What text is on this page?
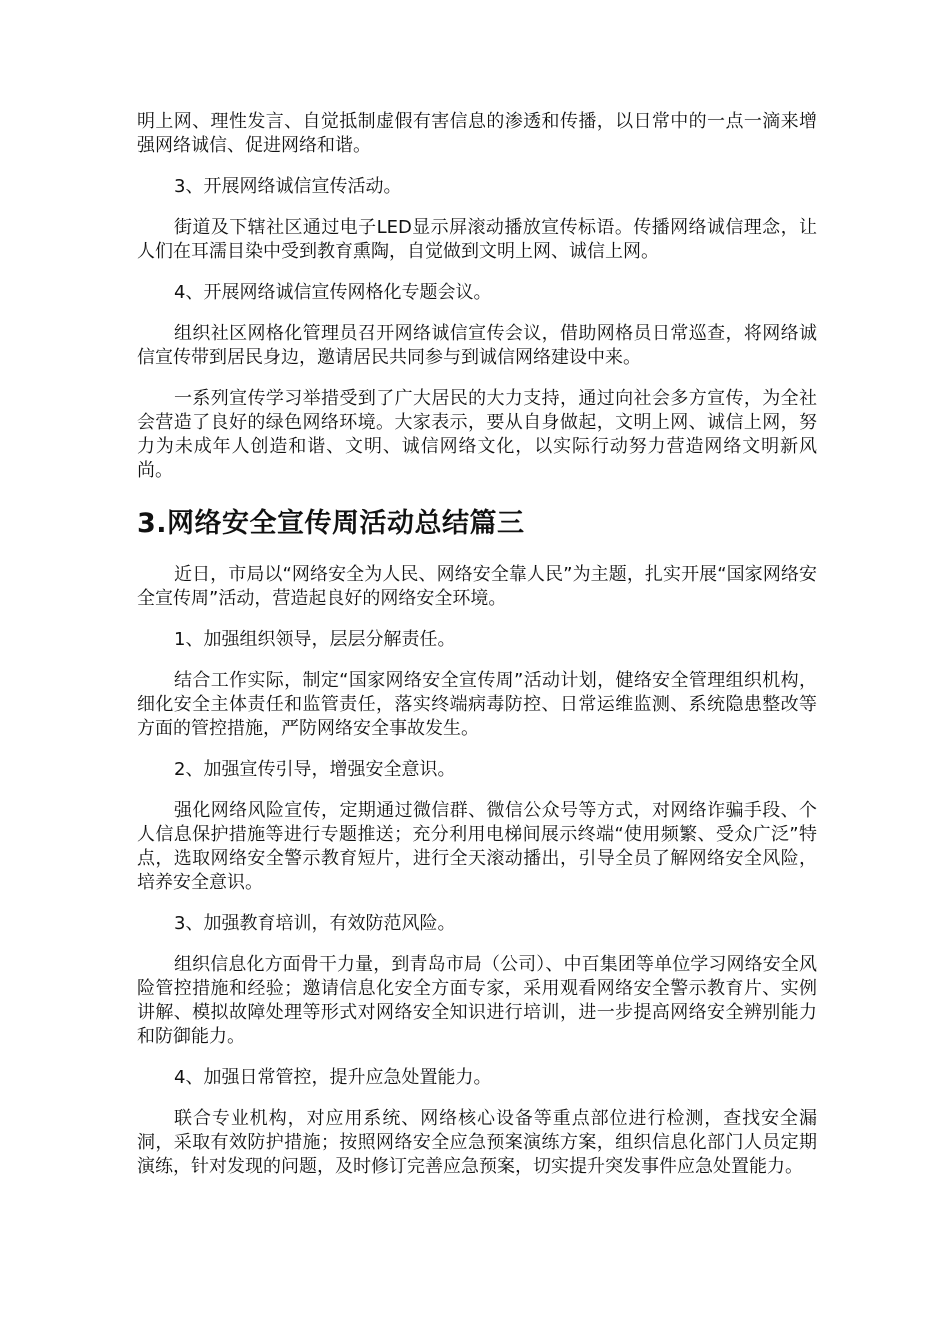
明上网、理性发言、自觉抵制虚假有害信息的渗透和传播，以日常中的一点一滴来增强网络诚信、促进网络和谐。

3、开展网络诚信宣传活动。

街道及下辖社区通过电子LED显示屏滚动播放宣传标语。传播网络诚信理念，让人们在耳濡目染中受到教育熏陶，自觉做到文明上网、诚信上网。

4、开展网络诚信宣传网格化专题会议。

组织社区网格化管理员召开网络诚信宣传会议，借助网格员日常巡查，将网络诚信宣传带到居民身边，邀请居民共同参与到诚信网络建设中来。

一系列宣传学习举措受到了广大居民的大力支持，通过向社会多方宣传，为全社会营造了良好的绿色网络环境。大家表示，要从自身做起，文明上网、诚信上网，努力为未成年人创造和谐、文明、诚信网络文化，以实际行动努力营造网络文明新风尚。

3.网络安全宣传周活动总结篇三

近日，市局以“网络安全为人民、网络安全靠人民”为主题，扎实开展“国家网络安全宣传周”活动，营造起良好的网络安全环境。

1、加强组织领导，层层分解责任。

结合工作实际，制定“国家网络安全宣传周”活动计划，健络安全管理组织机构，细化安全主体责任和监管责任，落实终端病毒防控、日常运维监测、系统隐患整改等方面的管控措施，严防网络安全事故发生。

2、加强宣传引导，增强安全意识。

强化网络风险宣传，定期通过微信群、微信公众号等方式，对网络诈骗手段、个人信息保护措施等进行专题推送；充分利用电梯间展示终端“使用频繁、受众广泛”特点，选取网络安全警示教育短片，进行全天滚动播出，引导全员了解网络安全风险，培养安全意识。

3、加强教育培训，有效防范风险。

组织信息化方面骨干力量，到青岛市局（公司）、中百集团等单位学习网络安全风险管控措施和经验；邀请信息化安全方面专家，采用观看网络安全警示教育片、实例讲解、模拟故障处理等形式对网络安全知识进行培训，进一步提高网络安全辨别能力和防御能力。

4、加强日常管控，提升应急处置能力。

联合专业机构，对应用系统、网络核心设备等重点部位进行检测，查找安全漏洞，采取有效防护措施；按照网络安全应急预案演练方案，组织信息化部门人员定期演练，针对发现的问题，及时修订完善应急预案，切实提升突发事件应急处置能力。
